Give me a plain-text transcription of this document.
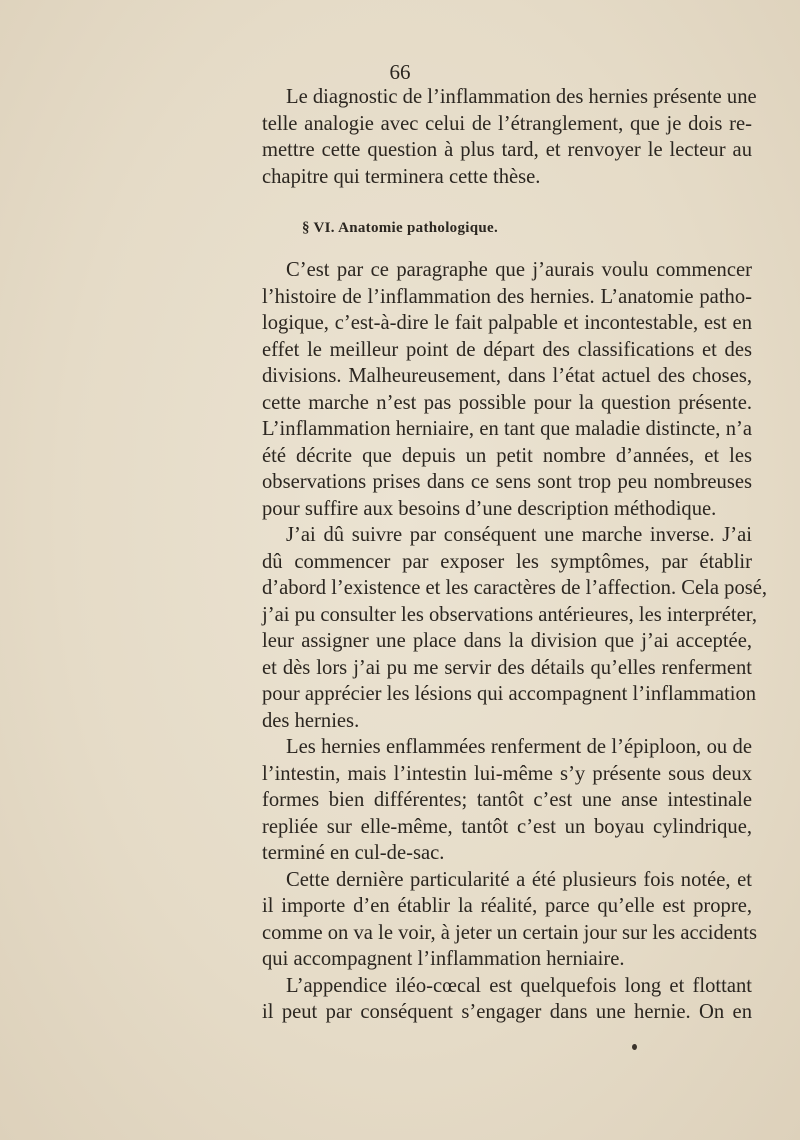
66

Le diagnostic de l’inflammation des hernies présente une
telle analogie avec celui de l’étranglement, que je dois re-
mettre cette question à plus tard, et renvoyer le lecteur au
chapitre qui terminera cette thèse.

§ VI. Anatomie pathologique.

C’est par ce paragraphe que j’aurais voulu commencer
l’histoire de l’inflammation des hernies. L’anatomie patho-
logique, c’est-à-dire le fait palpable et incontestable, est en
effet le meilleur point de départ des classifications et des
divisions. Malheureusement, dans l’état actuel des choses,
cette marche n’est pas possible pour la question présente.
L’inflammation herniaire, en tant que maladie distincte, n’a
été décrite que depuis un petit nombre d’années, et les
observations prises dans ce sens sont trop peu nombreuses
pour suffire aux besoins d’une description méthodique.
J’ai dû suivre par conséquent une marche inverse. J’ai
dû commencer par exposer les symptômes, par établir
d’abord l’existence et les caractères de l’affection. Cela posé,
j’ai pu consulter les observations antérieures, les interpréter,
leur assigner une place dans la division que j’ai acceptée,
et dès lors j’ai pu me servir des détails qu’elles renferment
pour apprécier les lésions qui accompagnent l’inflammation
des hernies.
Les hernies enflammées renferment de l’épiploon, ou de
l’intestin, mais l’intestin lui-même s’y présente sous deux
formes bien différentes; tantôt c’est une anse intestinale
repliée sur elle-même, tantôt c’est un boyau cylindrique,
terminé en cul-de-sac.
Cette dernière particularité a été plusieurs fois notée, et
il importe d’en établir la réalité, parce qu’elle est propre,
comme on va le voir, à jeter un certain jour sur les accidents
qui accompagnent l’inflammation herniaire.
L’appendice iléo-cœcal est quelquefois long et flottant
il peut par conséquent s’engager dans une hernie. On en
